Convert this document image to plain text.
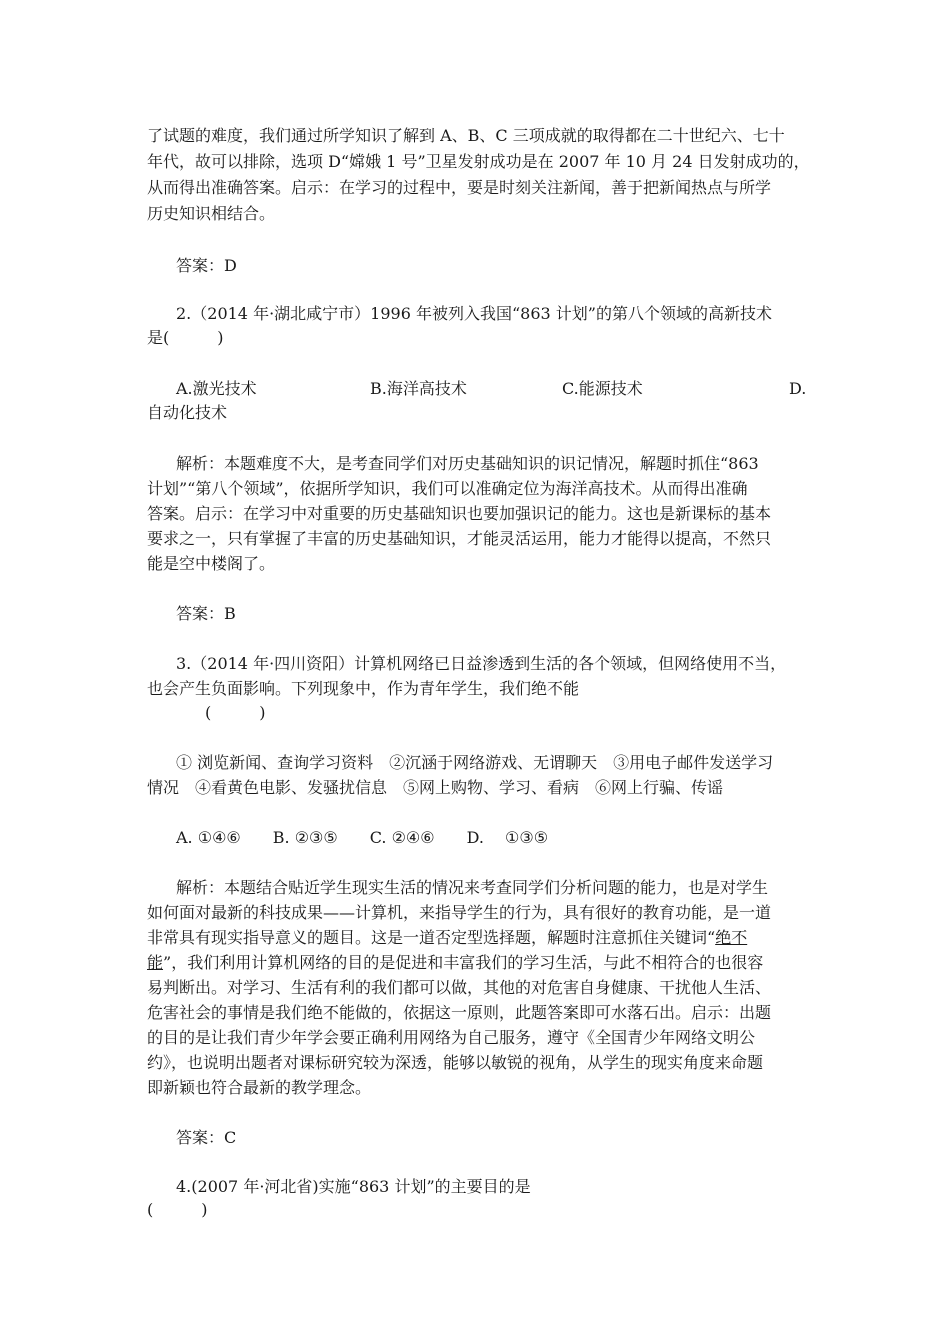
了试题的难度，我们通过所学知识了解到 A、B、C 三项成就的取得都在二十世纪六、七十
年代，故可以排除，选项 D“嫦娥 1 号”卫星发射成功是在 2007 年 10 月 24 日发射成功的，
从而得出准确答案。启示：在学习的过程中，要是时刻关注新闻，善于把新闻热点与所学
历史知识相结合。
答案：D
2.（2014 年·湖北咸宁市）1996 年被列入我国“863 计划”的第八个领域的高新技术
是(　　　)
A.激光技术	B.海洋高技术	C.能源技术	D.
自动化技术
解析：本题难度不大，是考查同学们对历史基础知识的识记情况，解题时抓住“863
计划”“第八个领域”，依据所学知识，我们可以准确定位为海洋高技术。从而得出准确
答案。启示：在学习中对重要的历史基础知识也要加强识记的能力。这也是新课标的基本
要求之一，只有掌握了丰富的历史基础知识，才能灵活运用，能力才能得以提高，不然只
能是空中楼阁了。
答案：B
3.（2014 年·四川资阳）计算机网络已日益渗透到生活的各个领域，但网络使用不当，
也会产生负面影响。下列现象中，作为青年学生，我们绝不能
(　　　)
① 浏览新闻、查询学习资料　②沉涵于网络游戏、无谓聊天　③用电子邮件发送学习
情况　④看黄色电影、发骚扰信息　⑤网上购物、学习、看病　⑥网上行骗、传谣
A. ①④⑥　　B. ②③⑤　　C. ②④⑥　　D.　 ①③⑤
解析：本题结合贴近学生现实生活的情况来考查同学们分析问题的能力，也是对学生
如何面对最新的科技成果——计算机，来指导学生的行为，具有很好的教育功能，是一道
非常具有现实指导意义的题目。这是一道否定型选择题，解题时注意抓住关键词“绝不
能”，我们利用计算机网络的目的是促进和丰富我们的学习生活，与此不相符合的也很容
易判断出。对学习、生活有利的我们都可以做，其他的对危害自身健康、干扰他人生活、
危害社会的事情是我们绝不能做的，依据这一原则，此题答案即可水落石出。启示：出题
的目的是让我们青少年学会要正确利用网络为自己服务，遵守《全国青少年网络文明公
约》，也说明出题者对课标研究较为深透，能够以敏锐的视角，从学生的现实角度来命题
即新颖也符合最新的教学理念。
答案：C
4.(2007 年·河北省)实施“863 计划”的主要目的是
(　　　)
